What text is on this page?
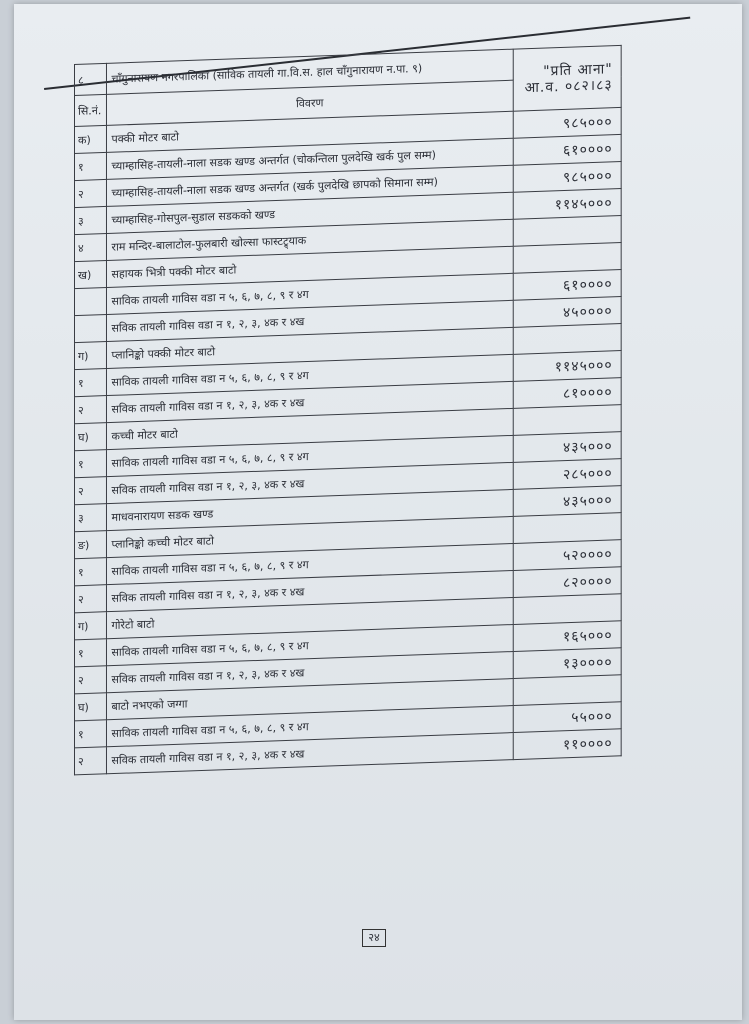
८	चाँगुनारायण नगरपालिका (साविक तायली गा.वि.स. हाल चाँगुनारायण न.पा. ९)	"प्रति आना"
आ.व. ०८२।८३

सि.नं.	विवरण	
क)	पक्की मोटर बाटो	९८५०००
१	च्याम्हासिह-तायली-नाला सडक खण्ड अन्तर्गत (चोकन्तिला पुलदेखि खर्क पुल सम्म)	६१००००
२	च्याम्हासिह-तायली-नाला सडक खण्ड अन्तर्गत (खर्क पुलदेखि छापको सिमाना सम्म)	९८५०००
३	च्याम्हासिह-गोसपुल-सुडाल सडकको खण्ड	११४५०००
४	राम मन्दिर-बालाटोल-फुलबारी खोल्सा फास्टट्र्याक	
ख)	सहायक भित्री पक्की मोटर बाटो	
	साविक तायली गाविस वडा न ५, ६, ७, ८, ९ र ४ग	६१००००
	सविक तायली गाविस वडा न १, २, ३, ४क र ४ख	४५००००
ग)	प्लानिङ्को पक्की मोटर बाटो	
१	साविक तायली गाविस वडा न ५, ६, ७, ८, ९ र ४ग	११४५०००
२	सविक तायली गाविस वडा न १, २, ३, ४क र ४ख	८१००००
घ)	कच्ची मोटर बाटो	
१	साविक तायली गाविस वडा न ५, ६, ७, ८, ९ र ४ग	४३५०००
२	सविक तायली गाविस वडा न १, २, ३, ४क र ४ख	२८५०००
३	माधवनारायण सडक खण्ड	४३५०००
ङ)	प्लानिङ्को कच्ची मोटर बाटो	
१	साविक तायली गाविस वडा न ५, ६, ७, ८, ९ र ४ग	५२००००
२	सविक तायली गाविस वडा न १, २, ३, ४क र ४ख	८२००००
ग)	गोरेटो बाटो	
१	साविक तायली गाविस वडा न ५, ६, ७, ८, ९ र ४ग	१६५०००
२	सविक तायली गाविस वडा न १, २, ३, ४क र ४ख	१३००००
घ)	बाटो नभएको जग्गा	
१	साविक तायली गाविस वडा न ५, ६, ७, ८, ९ र ४ग	५५०००
२	सविक तायली गाविस वडा न १, २, ३, ४क र ४ख	११००००
२४
